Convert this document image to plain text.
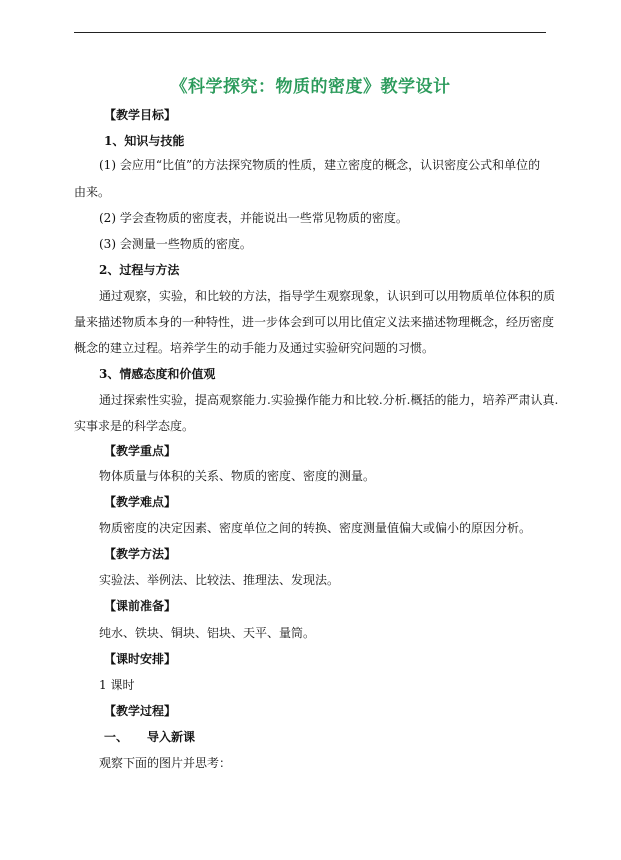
《科学探究：物质的密度》教学设计
【教学目标】
1、知识与技能
(1) 会应用“比值”的方法探究物质的性质，建立密度的概念，认识密度公式和单位的
由来。
(2) 学会查物质的密度表，并能说出一些常见物质的密度。
(3) 会测量一些物质的密度。
2、过程与方法
通过观察，实验，和比较的方法，指导学生观察现象，认识到可以用物质单位体积的质
量来描述物质本身的一种特性，进一步体会到可以用比值定义法来描述物理概念，经历密度
概念的建立过程。培养学生的动手能力及通过实验研究问题的习惯。
3、情感态度和价值观
通过探索性实验，提高观察能力.实验操作能力和比较.分析.概括的能力，培养严肃认真.
实事求是的科学态度。
【教学重点】
物体质量与体积的关系、物质的密度、密度的测量。
【教学难点】
物质密度的决定因素、密度单位之间的转换、密度测量值偏大或偏小的原因分析。
【教学方法】
实验法、举例法、比较法、推理法、发现法。
【课前准备】
纯水、铁块、铜块、铝块、天平、量筒。
【课时安排】
1 课时
【教学过程】
一、 导入新课
观察下面的图片并思考：
